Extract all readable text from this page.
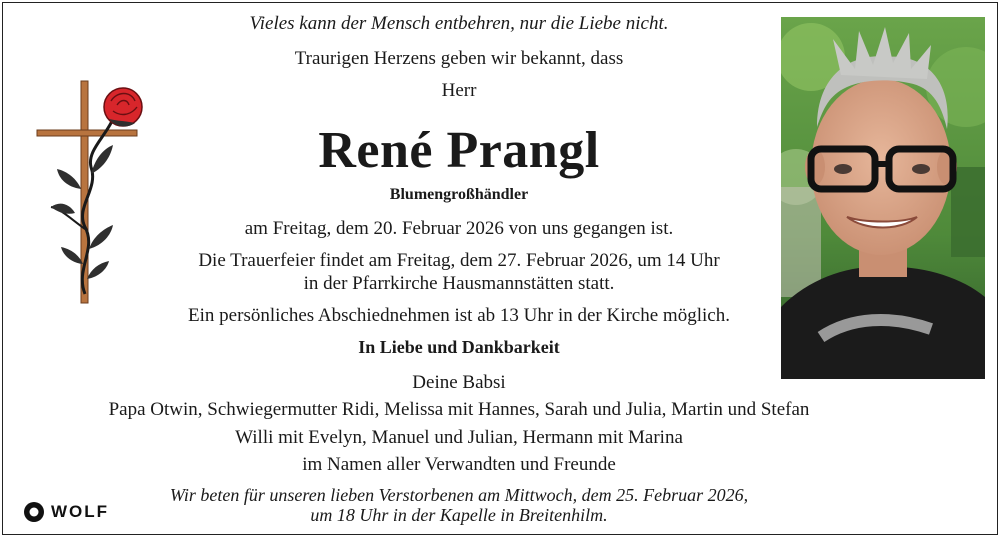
Vieles kann der Mensch entbehren, nur die Liebe nicht.
Traurigen Herzens geben wir bekannt, dass
Herr
René Prangl
Blumengroßhändler
am Freitag, dem 20. Februar 2026 von uns gegangen ist.
Die Trauerfeier findet am Freitag, dem 27. Februar 2026, um 14 Uhr
in der Pfarrkirche Hausmannstätten statt.
Ein persönliches Abschiednehmen ist ab 13 Uhr in der Kirche möglich.
In Liebe und Dankbarkeit
Deine Babsi
Papa Otwin, Schwiegermutter Ridi, Melissa mit Hannes, Sarah und Julia, Martin und Stefan
Willi mit Evelyn, Manuel und Julian, Hermann mit Marina
im Namen aller Verwandten und Freunde
Wir beten für unseren lieben Verstorbenen am Mittwoch, dem 25. Februar 2026,
um 18 Uhr in der Kapelle in Breitenhilm.
WOLF
